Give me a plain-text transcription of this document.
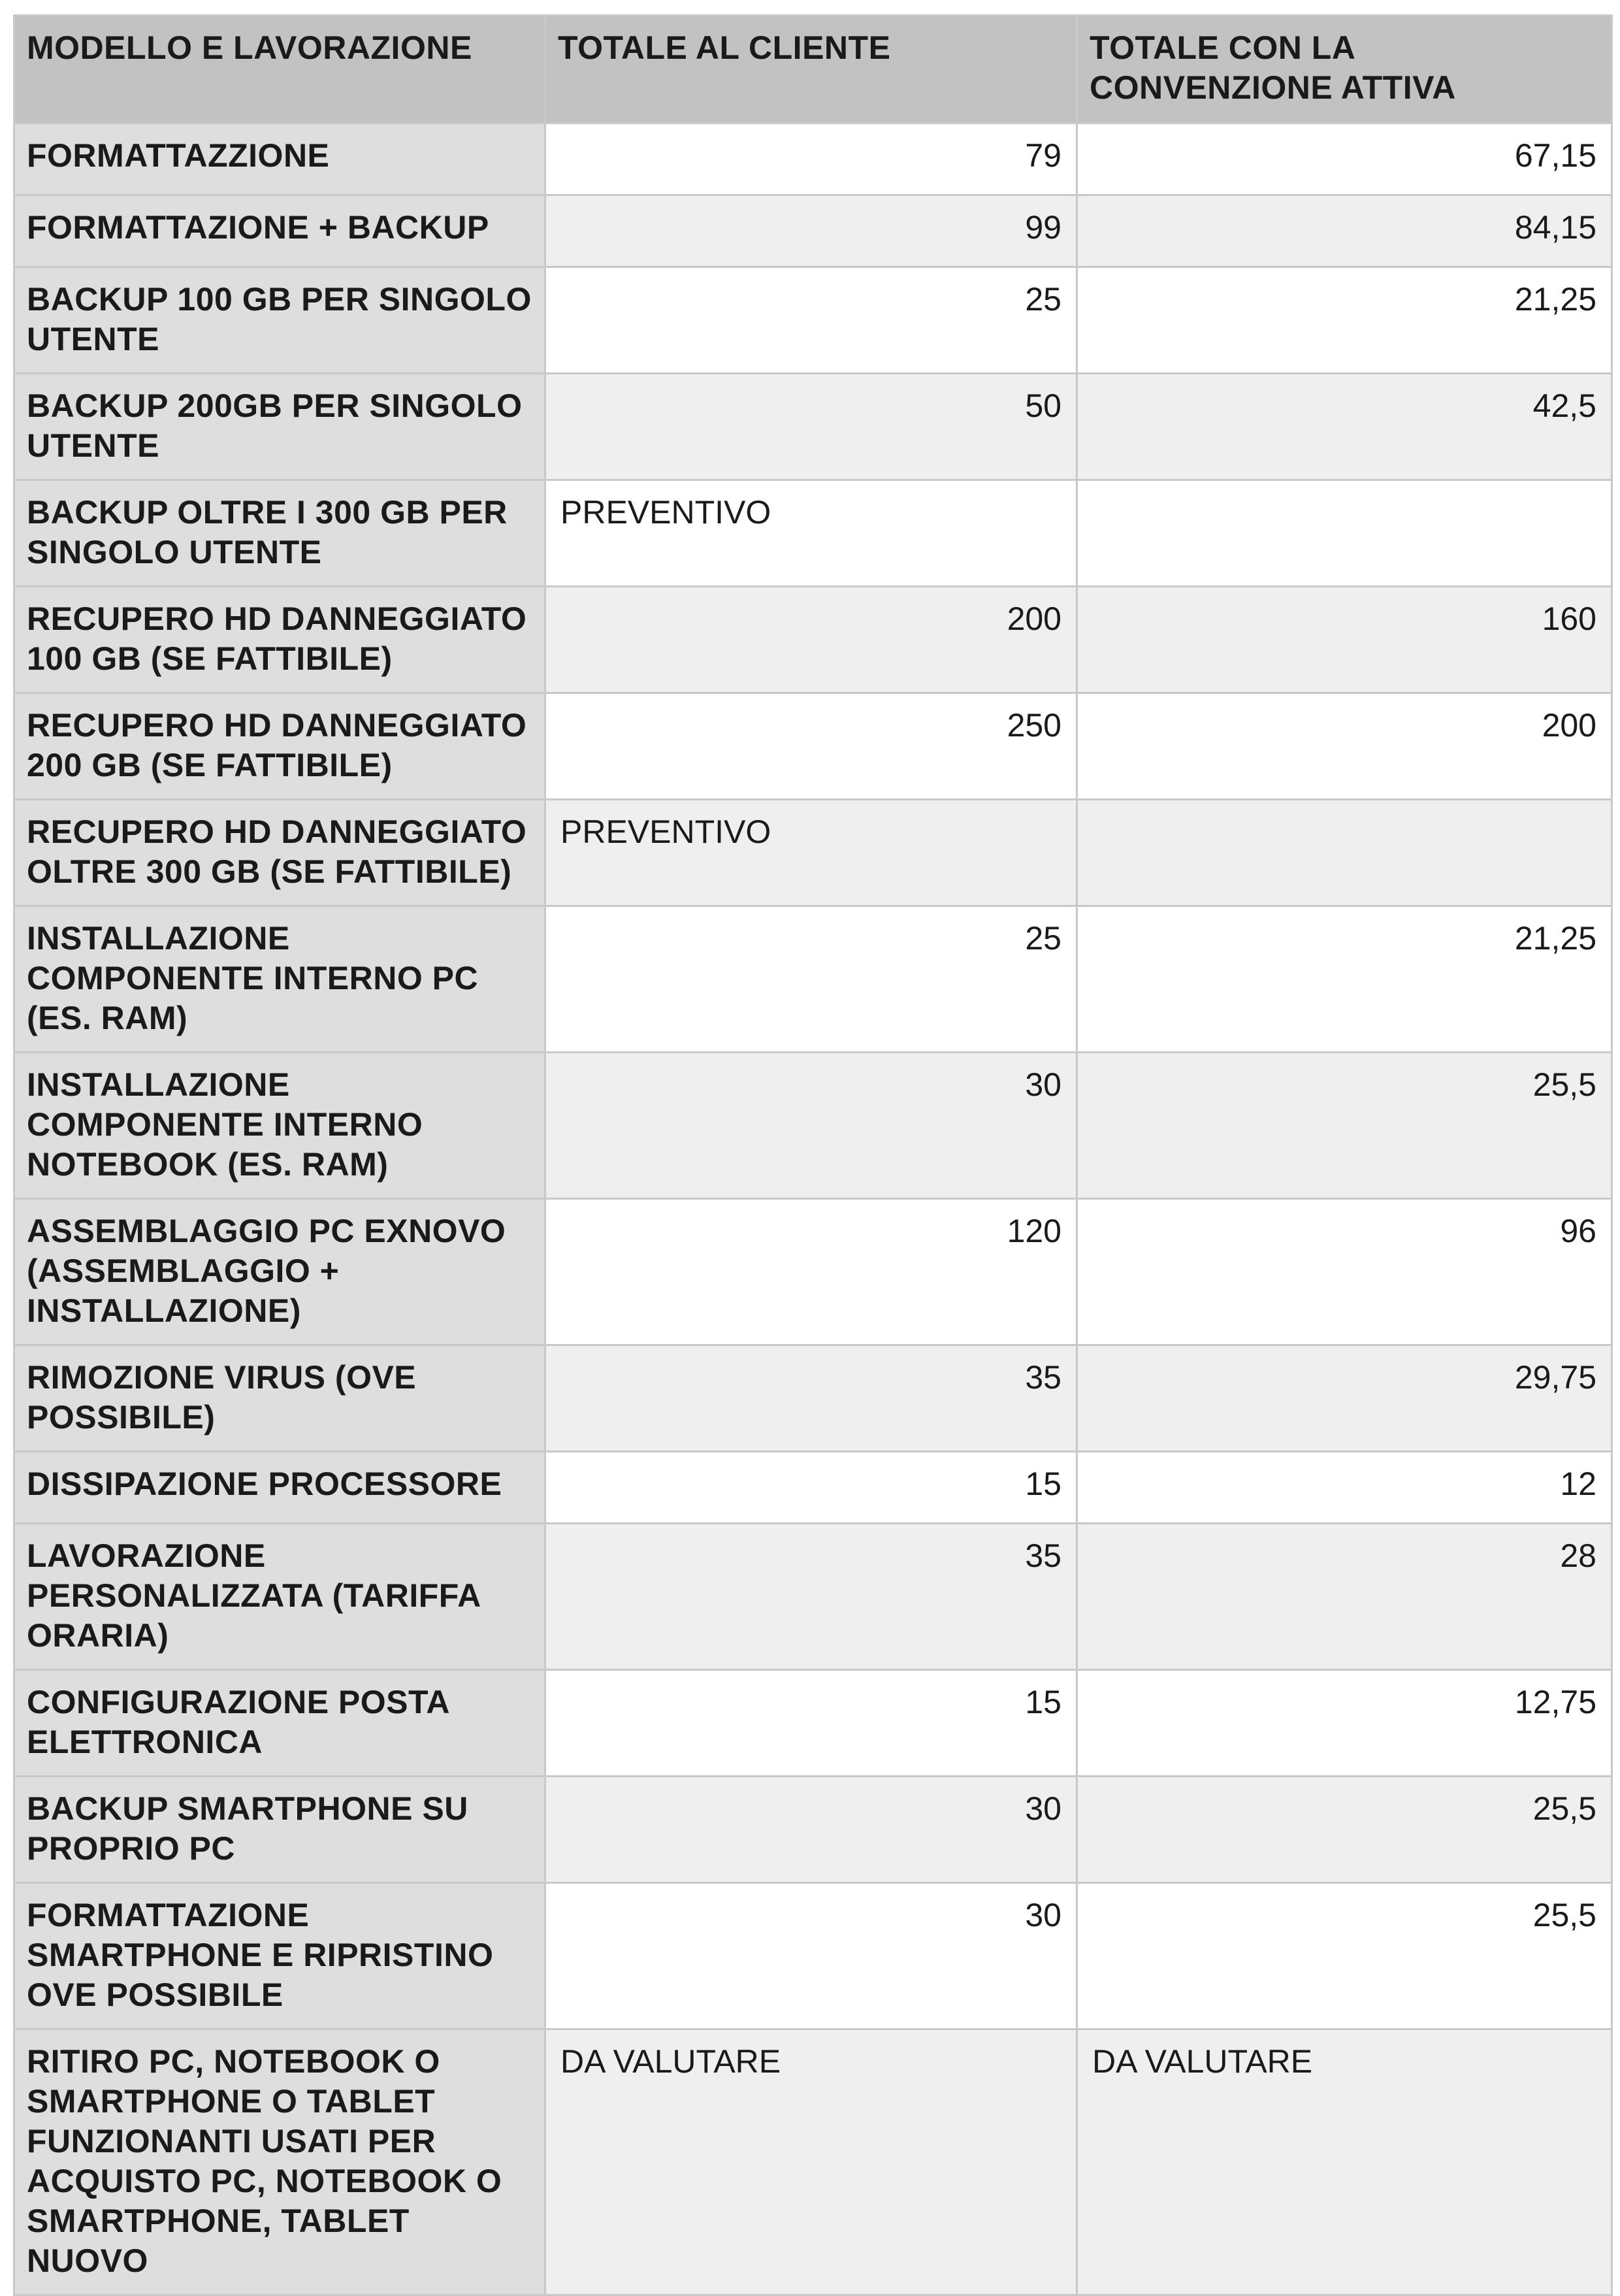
MODELLO E LAVORAZIONE	TOTALE AL CLIENTE	TOTALE CON LA CONVENZIONE ATTIVA
FORMATTAZZIONE	79	67,15
FORMATTAZIONE + BACKUP	99	84,15
BACKUP 100 GB PER SINGOLO UTENTE	25	21,25
BACKUP 200GB PER SINGOLO UTENTE	50	42,5
BACKUP OLTRE I 300 GB PER SINGOLO UTENTE	PREVENTIVO	
RECUPERO HD DANNEGGIATO 100 GB (SE FATTIBILE)	200	160
RECUPERO HD DANNEGGIATO 200 GB (SE FATTIBILE)	250	200
RECUPERO HD DANNEGGIATO OLTRE 300 GB (SE FATTIBILE)	PREVENTIVO	
INSTALLAZIONE COMPONENTE INTERNO PC (ES. RAM)	25	21,25
INSTALLAZIONE COMPONENTE INTERNO NOTEBOOK (ES. RAM)	30	25,5
ASSEMBLAGGIO PC EXNOVO (ASSEMBLAGGIO + INSTALLAZIONE)	120	96
RIMOZIONE VIRUS (OVE POSSIBILE)	35	29,75
DISSIPAZIONE PROCESSORE	15	12
LAVORAZIONE PERSONALIZZATA (TARIFFA ORARIA)	35	28
CONFIGURAZIONE POSTA ELETTRONICA	15	12,75
BACKUP SMARTPHONE SU PROPRIO PC	30	25,5
FORMATTAZIONE SMARTPHONE E RIPRISTINO OVE POSSIBILE	30	25,5
RITIRO PC, NOTEBOOK O SMARTPHONE O TABLET FUNZIONANTI USATI PER ACQUISTO PC, NOTEBOOK O SMARTPHONE, TABLET NUOVO	DA VALUTARE	DA VALUTARE
